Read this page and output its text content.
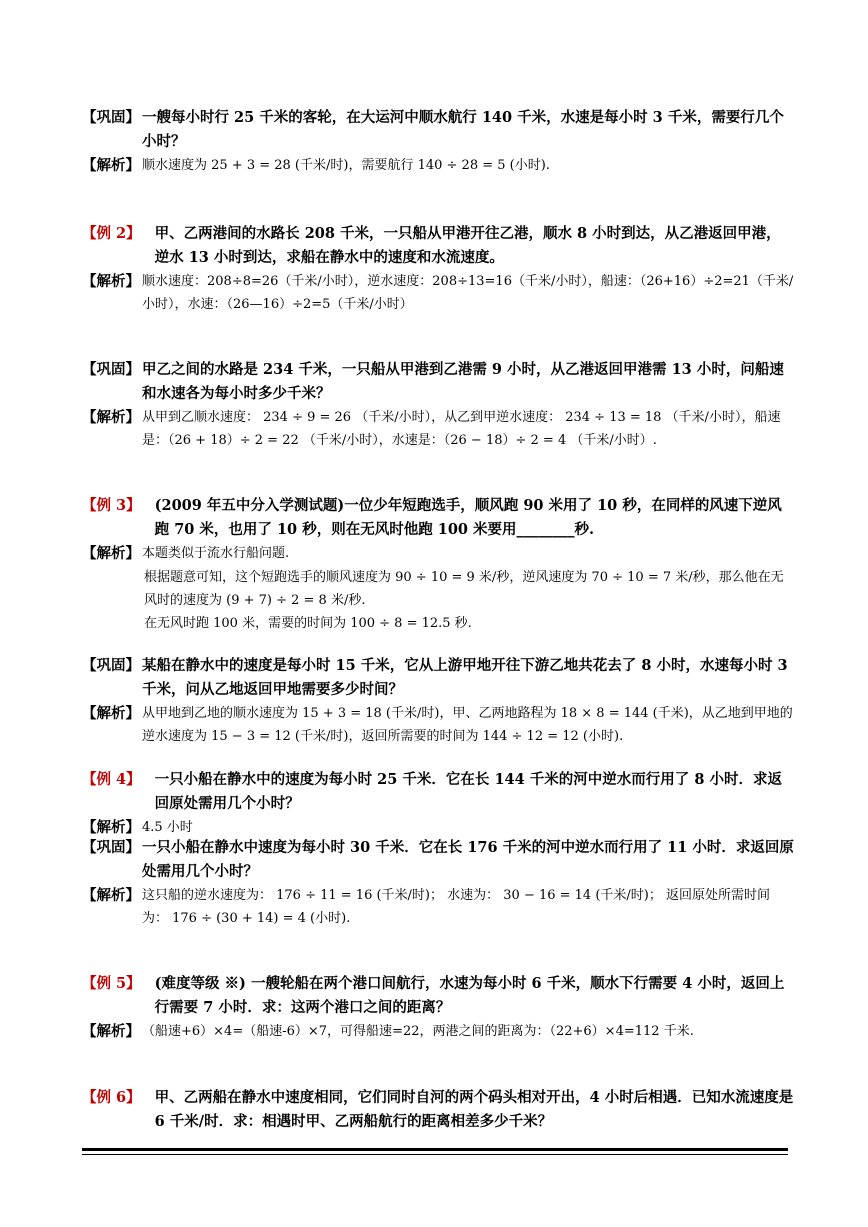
【巩固】 一艘每小时行 25 千米的客轮，在大运河中顺水航行 140 千米，水速是每小时 3 千米，需要行几个小时？
【解析】 顺水速度为 25 + 3 = 28 (千米/时)，需要航行 140 ÷ 28 = 5 (小时).

【例 2】 甲、乙两港间的水路长 208 千米，一只船从甲港开往乙港，顺水 8 小时到达，从乙港返回甲港，逆水 13 小时到达，求船在静水中的速度和水流速度。
【解析】 顺水速度：208÷8=26（千米/小时），逆水速度：208÷13=16（千米/小时），船速：（26+16）÷2=21（千米/小时），水速：（26—16）÷2=5（千米/小时）

【巩固】 甲乙之间的水路是 234 千米，一只船从甲港到乙港需 9 小时，从乙港返回甲港需 13 小时，问船速和水速各为每小时多少千米？
【解析】 从甲到乙顺水速度： 234 ÷ 9 = 26 （千米/小时），从乙到甲逆水速度： 234 ÷ 13 = 18 （千米/小时），船速是：（26 + 18）÷ 2 = 22 （千米/小时），水速是：（26 − 18）÷ 2 = 4 （千米/小时）.

【例 3】 (2009 年五中分入学测试题)一位少年短跑选手，顺风跑 90 米用了 10 秒，在同样的风速下逆风跑 70 米，也用了 10 秒，则在无风时他跑 100 米要用________秒.
【解析】 本题类似于流水行船问题.

根据题意可知，这个短跑选手的顺风速度为 90 ÷ 10 = 9 米/秒，逆风速度为 70 ÷ 10 = 7 米/秒，那么他在无风时的速度为 (9 + 7) ÷ 2 = 8 米/秒.

在无风时跑 100 米，需要的时间为 100 ÷ 8 = 12.5 秒.

【巩固】 某船在静水中的速度是每小时 15 千米，它从上游甲地开往下游乙地共花去了 8 小时，水速每小时 3 千米，问从乙地返回甲地需要多少时间？
【解析】 从甲地到乙地的顺水速度为 15 + 3 = 18 (千米/时)，甲、乙两地路程为 18 × 8 = 144 (千米)，从乙地到甲地的逆水速度为 15 − 3 = 12 (千米/时)，返回所需要的时间为 144 ÷ 12 = 12 (小时).

【例 4】 一只小船在静水中的速度为每小时 25 千米．它在长 144 千米的河中逆水而行用了 8 小时．求返回原处需用几个小时？
【解析】 4.5 小时

【巩固】 一只小船在静水中速度为每小时 30 千米．它在长 176 千米的河中逆水而行用了 11 小时．求返回原处需用几个小时？
【解析】 这只船的逆水速度为： 176 ÷ 11 = 16 (千米/时)； 水速为： 30 − 16 = 14 (千米/时)； 返回原处所需时间为： 176 ÷ (30 + 14) = 4 (小时).

【例 5】 (难度等级 ※) 一艘轮船在两个港口间航行，水速为每小时 6 千米，顺水下行需要 4 小时，返回上行需要 7 小时．求：这两个港口之间的距离？
【解析】 （船速+6）×4=（船速-6）×7，可得船速=22，两港之间的距离为：（22+6）×4=112 千米.

【例 6】 甲、乙两船在静水中速度相同，它们同时自河的两个码头相对开出，4 小时后相遇．已知水流速度是 6 千米/时．求：相遇时甲、乙两船航行的距离相差多少千米？
